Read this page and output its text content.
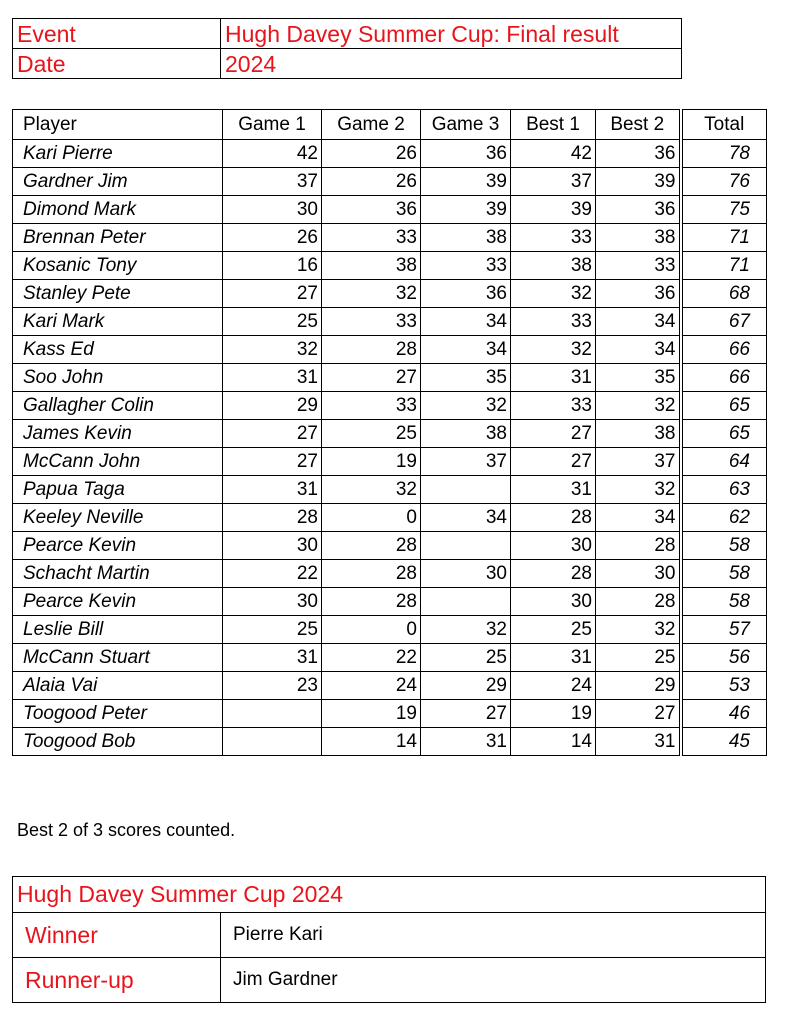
Event	Hugh Davey Summer Cup: Final result
Date	2024
Player	Game 1	Game 2	Game 3	Best 1	Best 2	Total
Kari Pierre	42	26	36	42	36	78
Gardner Jim	37	26	39	37	39	76
Dimond Mark	30	36	39	39	36	75
Brennan Peter	26	33	38	33	38	71
Kosanic Tony	16	38	33	38	33	71
Stanley Pete	27	32	36	32	36	68
Kari Mark	25	33	34	33	34	67
Kass Ed	32	28	34	32	34	66
Soo John	31	27	35	31	35	66
Gallagher Colin	29	33	32	33	32	65
James Kevin	27	25	38	27	38	65
McCann John	27	19	37	27	37	64
Papua Taga	31	32		31	32	63
Keeley Neville	28	0	34	28	34	62
Pearce Kevin	30	28		30	28	58
Schacht Martin	22	28	30	28	30	58
Pearce Kevin	30	28		30	28	58
Leslie Bill	25	0	32	25	32	57
McCann Stuart	31	22	25	31	25	56
Alaia Vai	23	24	29	24	29	53
Toogood Peter		19	27	19	27	46
Toogood Bob		14	31	14	31	45
Best 2 of 3 scores counted.
Hugh Davey Summer Cup 2024	
Winner	Pierre Kari
Runner-up	Jim Gardner
